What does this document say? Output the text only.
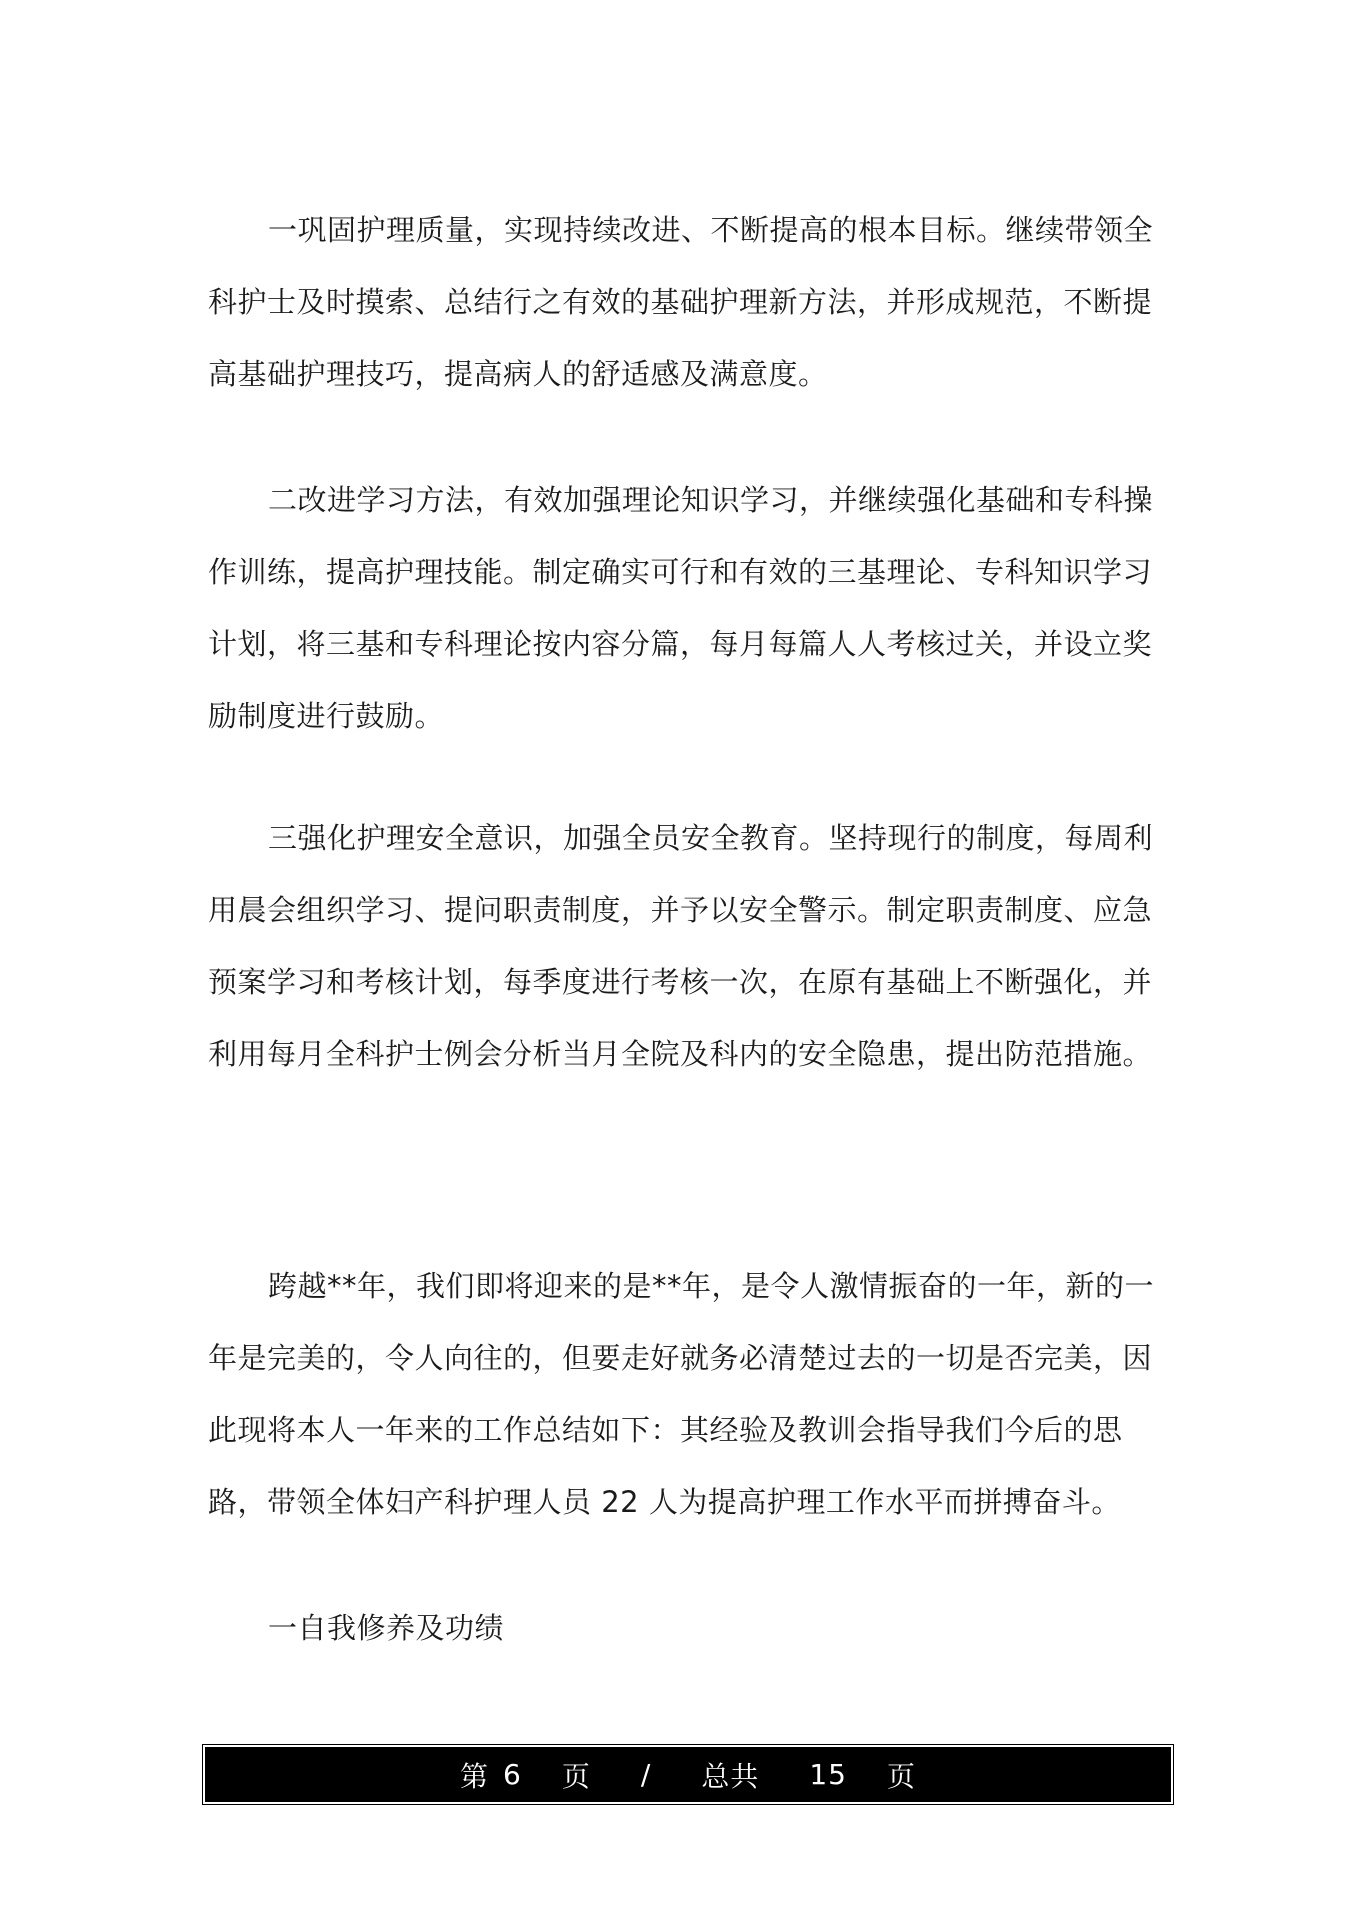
一巩固护理质量，实现持续改进、不断提高的根本目标。继续带领全
科护士及时摸索、总结行之有效的基础护理新方法，并形成规范，不断提
高基础护理技巧，提高病人的舒适感及满意度。
二改进学习方法，有效加强理论知识学习，并继续强化基础和专科操
作训练，提高护理技能。制定确实可行和有效的三基理论、专科知识学习
计划，将三基和专科理论按内容分篇，每月每篇人人考核过关，并设立奖
励制度进行鼓励。
三强化护理安全意识，加强全员安全教育。坚持现行的制度，每周利
用晨会组织学习、提问职责制度，并予以安全警示。制定职责制度、应急
预案学习和考核计划，每季度进行考核一次，在原有基础上不断强化，并
利用每月全科护士例会分析当月全院及科内的安全隐患，提出防范措施。
跨越**年，我们即将迎来的是**年，是令人激情振奋的一年，新的一
年是完美的，令人向往的，但要走好就务必清楚过去的一切是否完美，因
此现将本人一年来的工作总结如下：其经验及教训会指导我们今后的思
路，带领全体妇产科护理人员 22 人为提高护理工作水平而拼搏奋斗。
一自我修养及功绩
第 6 页 / 总共 15 页
